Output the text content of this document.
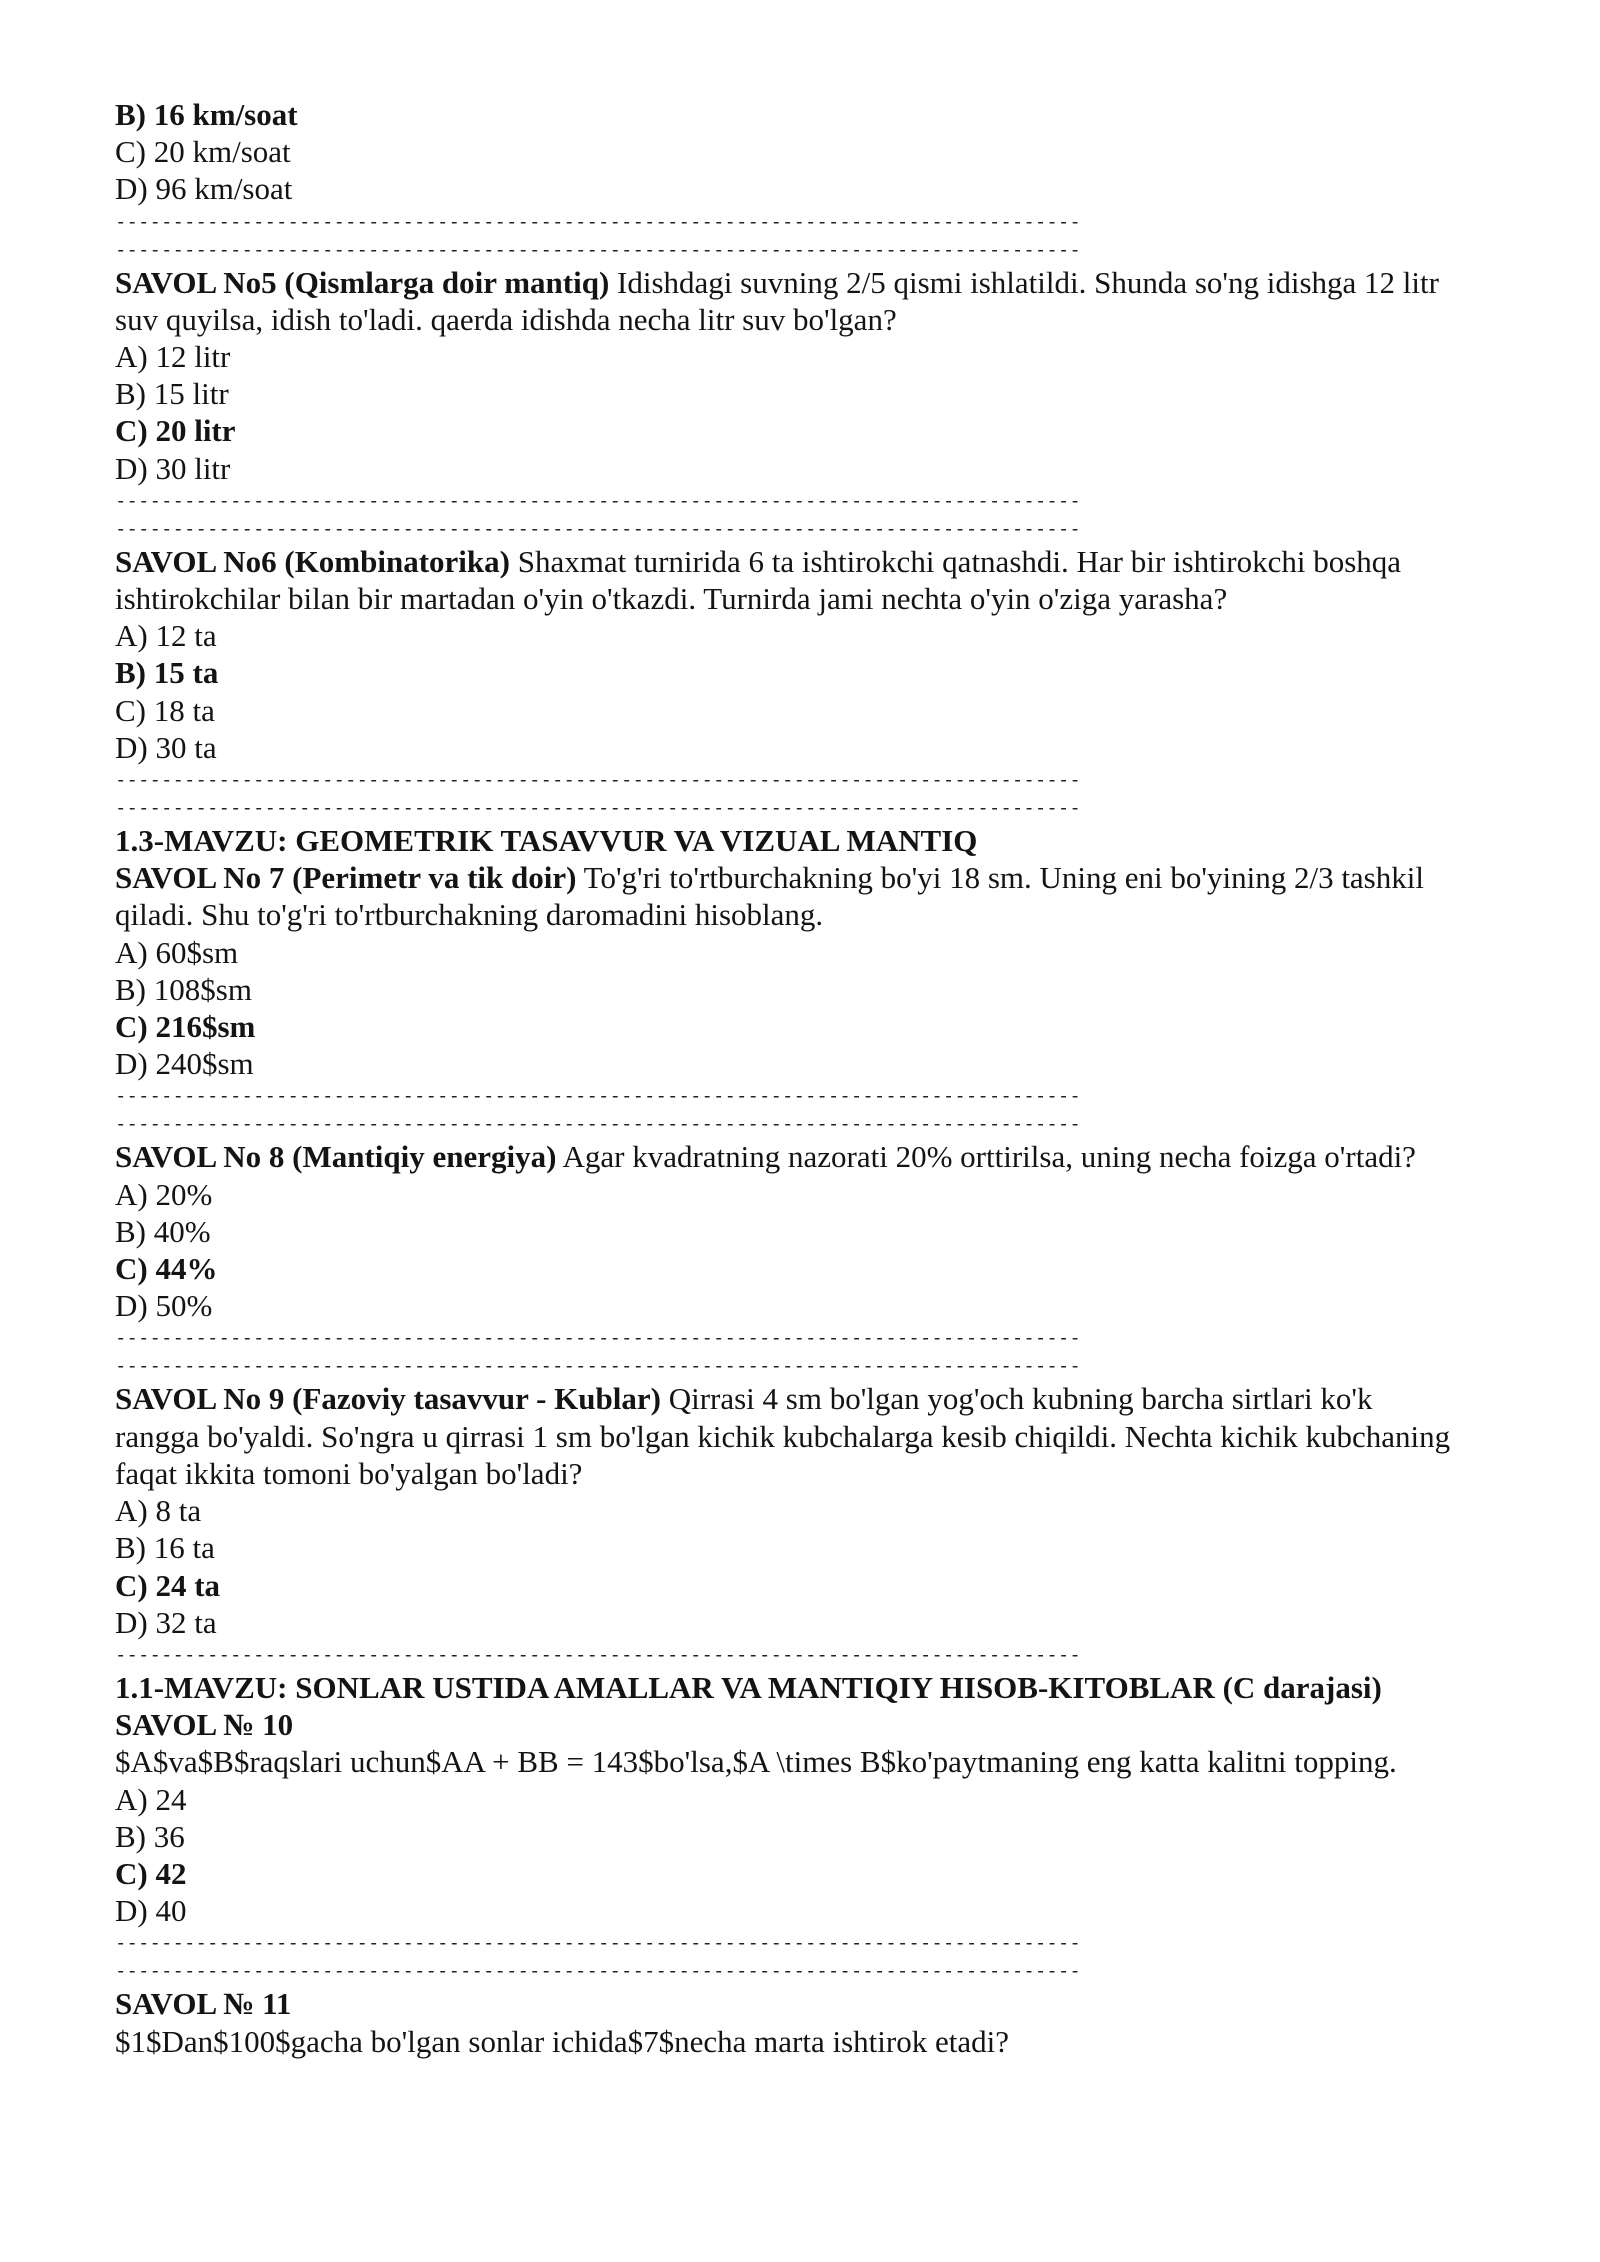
B) 16 km/soat
C) 20 km/soat
D) 96 km/soat
------------------------------------------------------------------------------------
------------------------------------------------------------------------------------
SAVOL No5 (Qismlarga doir mantiq) Idishdagi suvning 2/5 qismi ishlatildi. Shunda so'ng idishga 12 litr
suv quyilsa, idish to'ladi. qaerda idishda necha litr suv bo'lgan?
A) 12 litr
B) 15 litr
C) 20 litr
D) 30 litr
------------------------------------------------------------------------------------
------------------------------------------------------------------------------------
SAVOL No6 (Kombinatorika) Shaxmat turnirida 6 ta ishtirokchi qatnashdi. Har bir ishtirokchi boshqa
ishtirokchilar bilan bir martadan o'yin o'tkazdi. Turnirda jami nechta o'yin o'ziga yarasha?
A) 12 ta
B) 15 ta
C) 18 ta
D) 30 ta
------------------------------------------------------------------------------------
------------------------------------------------------------------------------------
1.3-MAVZU: GEOMETRIK TASAVVUR VA VIZUAL MANTIQ
SAVOL No 7 (Perimetr va tik doir) To'g'ri to'rtburchakning bo'yi 18 sm. Uning eni bo'yining 2/3 tashkil
qiladi. Shu to'g'ri to'rtburchakning daromadini hisoblang.
A) 60$sm
B) 108$sm
C) 216$sm
D) 240$sm
------------------------------------------------------------------------------------
------------------------------------------------------------------------------------
SAVOL No 8 (Mantiqiy energiya) Agar kvadratning nazorati 20% orttirilsa, uning necha foizga o'rtadi?
A) 20%
B) 40%
C) 44%
D) 50%
------------------------------------------------------------------------------------
------------------------------------------------------------------------------------
SAVOL No 9 (Fazoviy tasavvur - Kublar) Qirrasi 4 sm bo'lgan yog'och kubning barcha sirtlari ko'k
rangga bo'yaldi. So'ngra u qirrasi 1 sm bo'lgan kichik kubchalarga kesib chiqildi. Nechta kichik kubchaning
faqat ikkita tomoni bo'yalgan bo'ladi?
A) 8 ta
B) 16 ta
C) 24 ta
D) 32 ta
------------------------------------------------------------------------------------
1.1-MAVZU: SONLAR USTIDA AMALLAR VA MANTIQIY HISOB-KITOBLAR (C darajasi)
SAVOL № 10
$A$va$B$raqslari uchun$AA + BB = 143$bo'lsa,$A \times B$ko'paytmaning eng katta kalitni topping.
A) 24
B) 36
C) 42
D) 40
------------------------------------------------------------------------------------
------------------------------------------------------------------------------------
SAVOL № 11
$1$Dan$100$gacha bo'lgan sonlar ichida$7$necha marta ishtirok etadi?
